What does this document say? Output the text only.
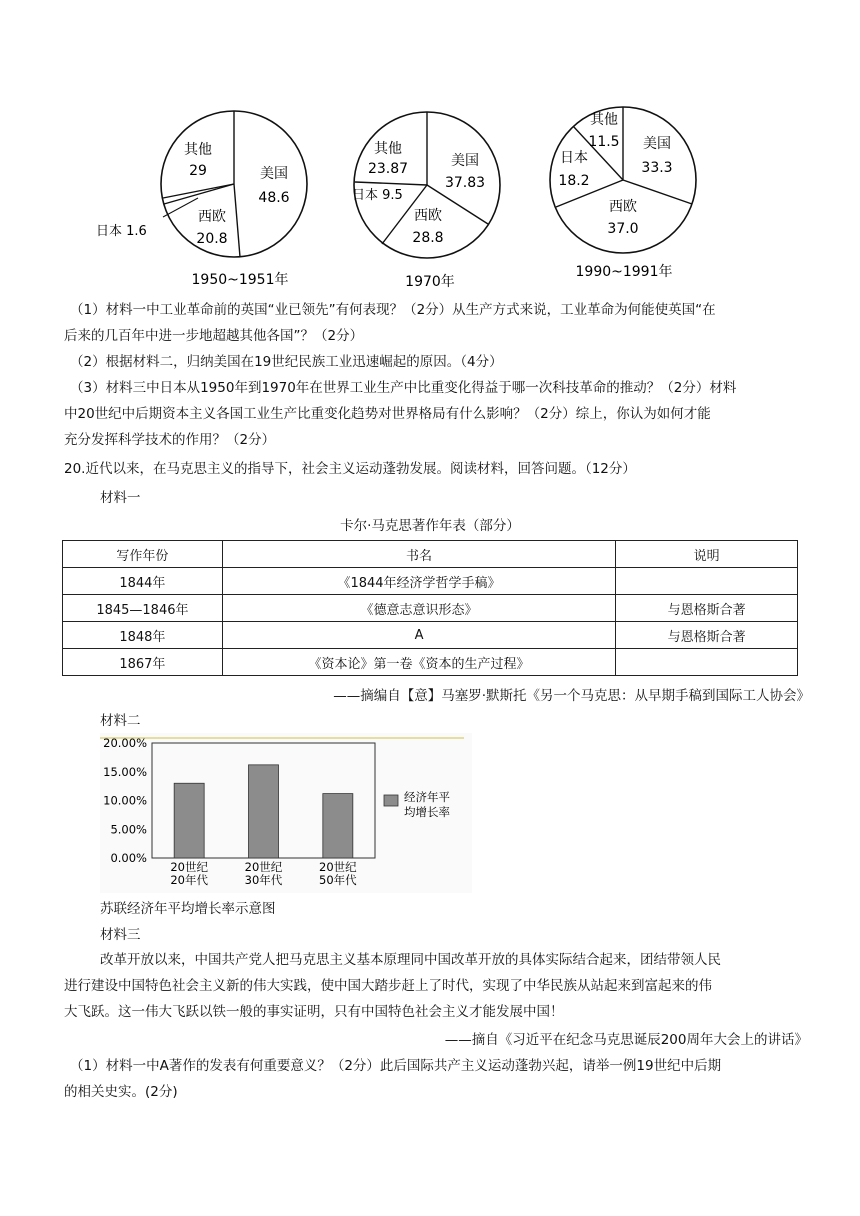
其他
29	美国
48.6
西欧
20.8
日本 1.6
1950~1951年
其他
23.87	美国
37.83
日本 9.5
西欧
28.8
1970年
其他
11.5 美国
33.3
日本
18.2
西欧
37.0
1990~1991年
（1）材料一中工业革命前的英国“业已领先”有何表现？（2分）从生产方式来说，工业革命为何能使英国“在
后来的几百年中进一步地超越其他各国”？（2分）
（2）根据材料二，归纳美国在19世纪民族工业迅速崛起的原因。（4分）
（3）材料三中日本从1950年到1970年在世界工业生产中比重变化得益于哪一次科技革命的推动？（2分）材料
中20世纪中后期资本主义各国工业生产比重变化趋势对世界格局有什么影响？（2分）综上，你认为如何才能
充分发挥科学技术的作用？（2分）
20.近代以来，在马克思主义的指导下，社会主义运动蓬勃发展。阅读材料，回答问题。（12分）
材料一
卡尔·马克思著作年表（部分）
写作年份	书名	说明
1844年	《1844年经济学哲学手稿》	
1845—1846年	《德意志意识形态》	与恩格斯合著
1848年	A	与恩格斯合著
1867年	《资本论》第一卷《资本的生产过程》	
——摘编自【意】马塞罗·默斯托《另一个马克思：从早期手稿到国际工人协会》
材料二
20.00%
15.00%
10.00%
5.00%
0.00%
20世纪
20年代
20世纪
30年代
20世纪
50年代
经济年平
均增长率
苏联经济年平均增长率示意图
材料三
改革开放以来，中国共产党人把马克思主义基本原理同中国改革开放的具体实际结合起来，团结带领人民
进行建设中国特色社会主义新的伟大实践，使中国大踏步赶上了时代，实现了中华民族从站起来到富起来的伟
大飞跃。这一伟大飞跃以铁一般的事实证明，只有中国特色社会主义才能发展中国！
——摘自《习近平在纪念马克思诞辰200周年大会上的讲话》
（1）材料一中A著作的发表有何重要意义？（2分）此后国际共产主义运动蓬勃兴起，请举一例19世纪中后期
的相关史实。(2分)
